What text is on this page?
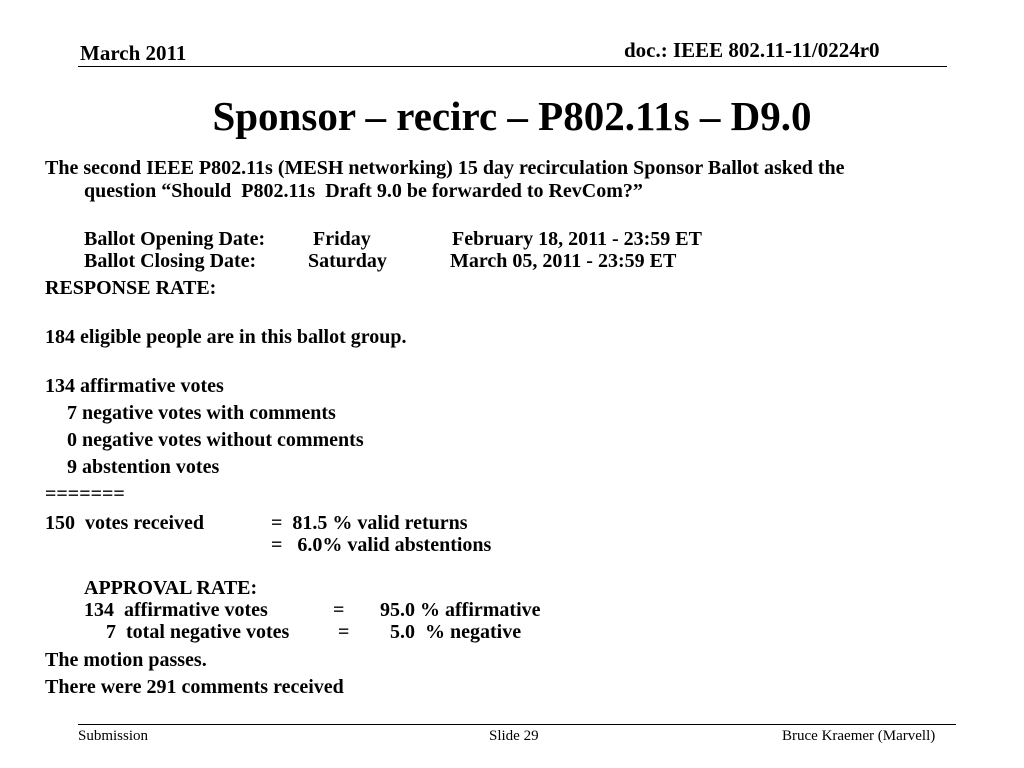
March 2011	doc.: IEEE 802.11-11/0224r0
Sponsor – recirc – P802.11s – D9.0
The second IEEE P802.11s (MESH networking) 15 day recirculation Sponsor Ballot asked the
question “Should  P802.11s  Draft 9.0 be forwarded to RevCom?”
Ballot Opening Date: Friday	February 18, 2011 - 23:59 ET
Ballot Closing Date:	Saturday	March 05, 2011 - 23:59 ET
RESPONSE RATE:
184 eligible people are in this ballot group.
134 affirmative votes
7 negative votes with comments
0 negative votes without comments
9 abstention votes
=======
150  votes received	=  81.5 % valid returns
=   6.0% valid abstentions
APPROVAL RATE:
134  affirmative votes	= 95.0 % affirmative
7  total negative votes = 5.0  % negative
The motion passes.
There were 291 comments received
Submission	Slide 29	Bruce Kraemer (Marvell)
